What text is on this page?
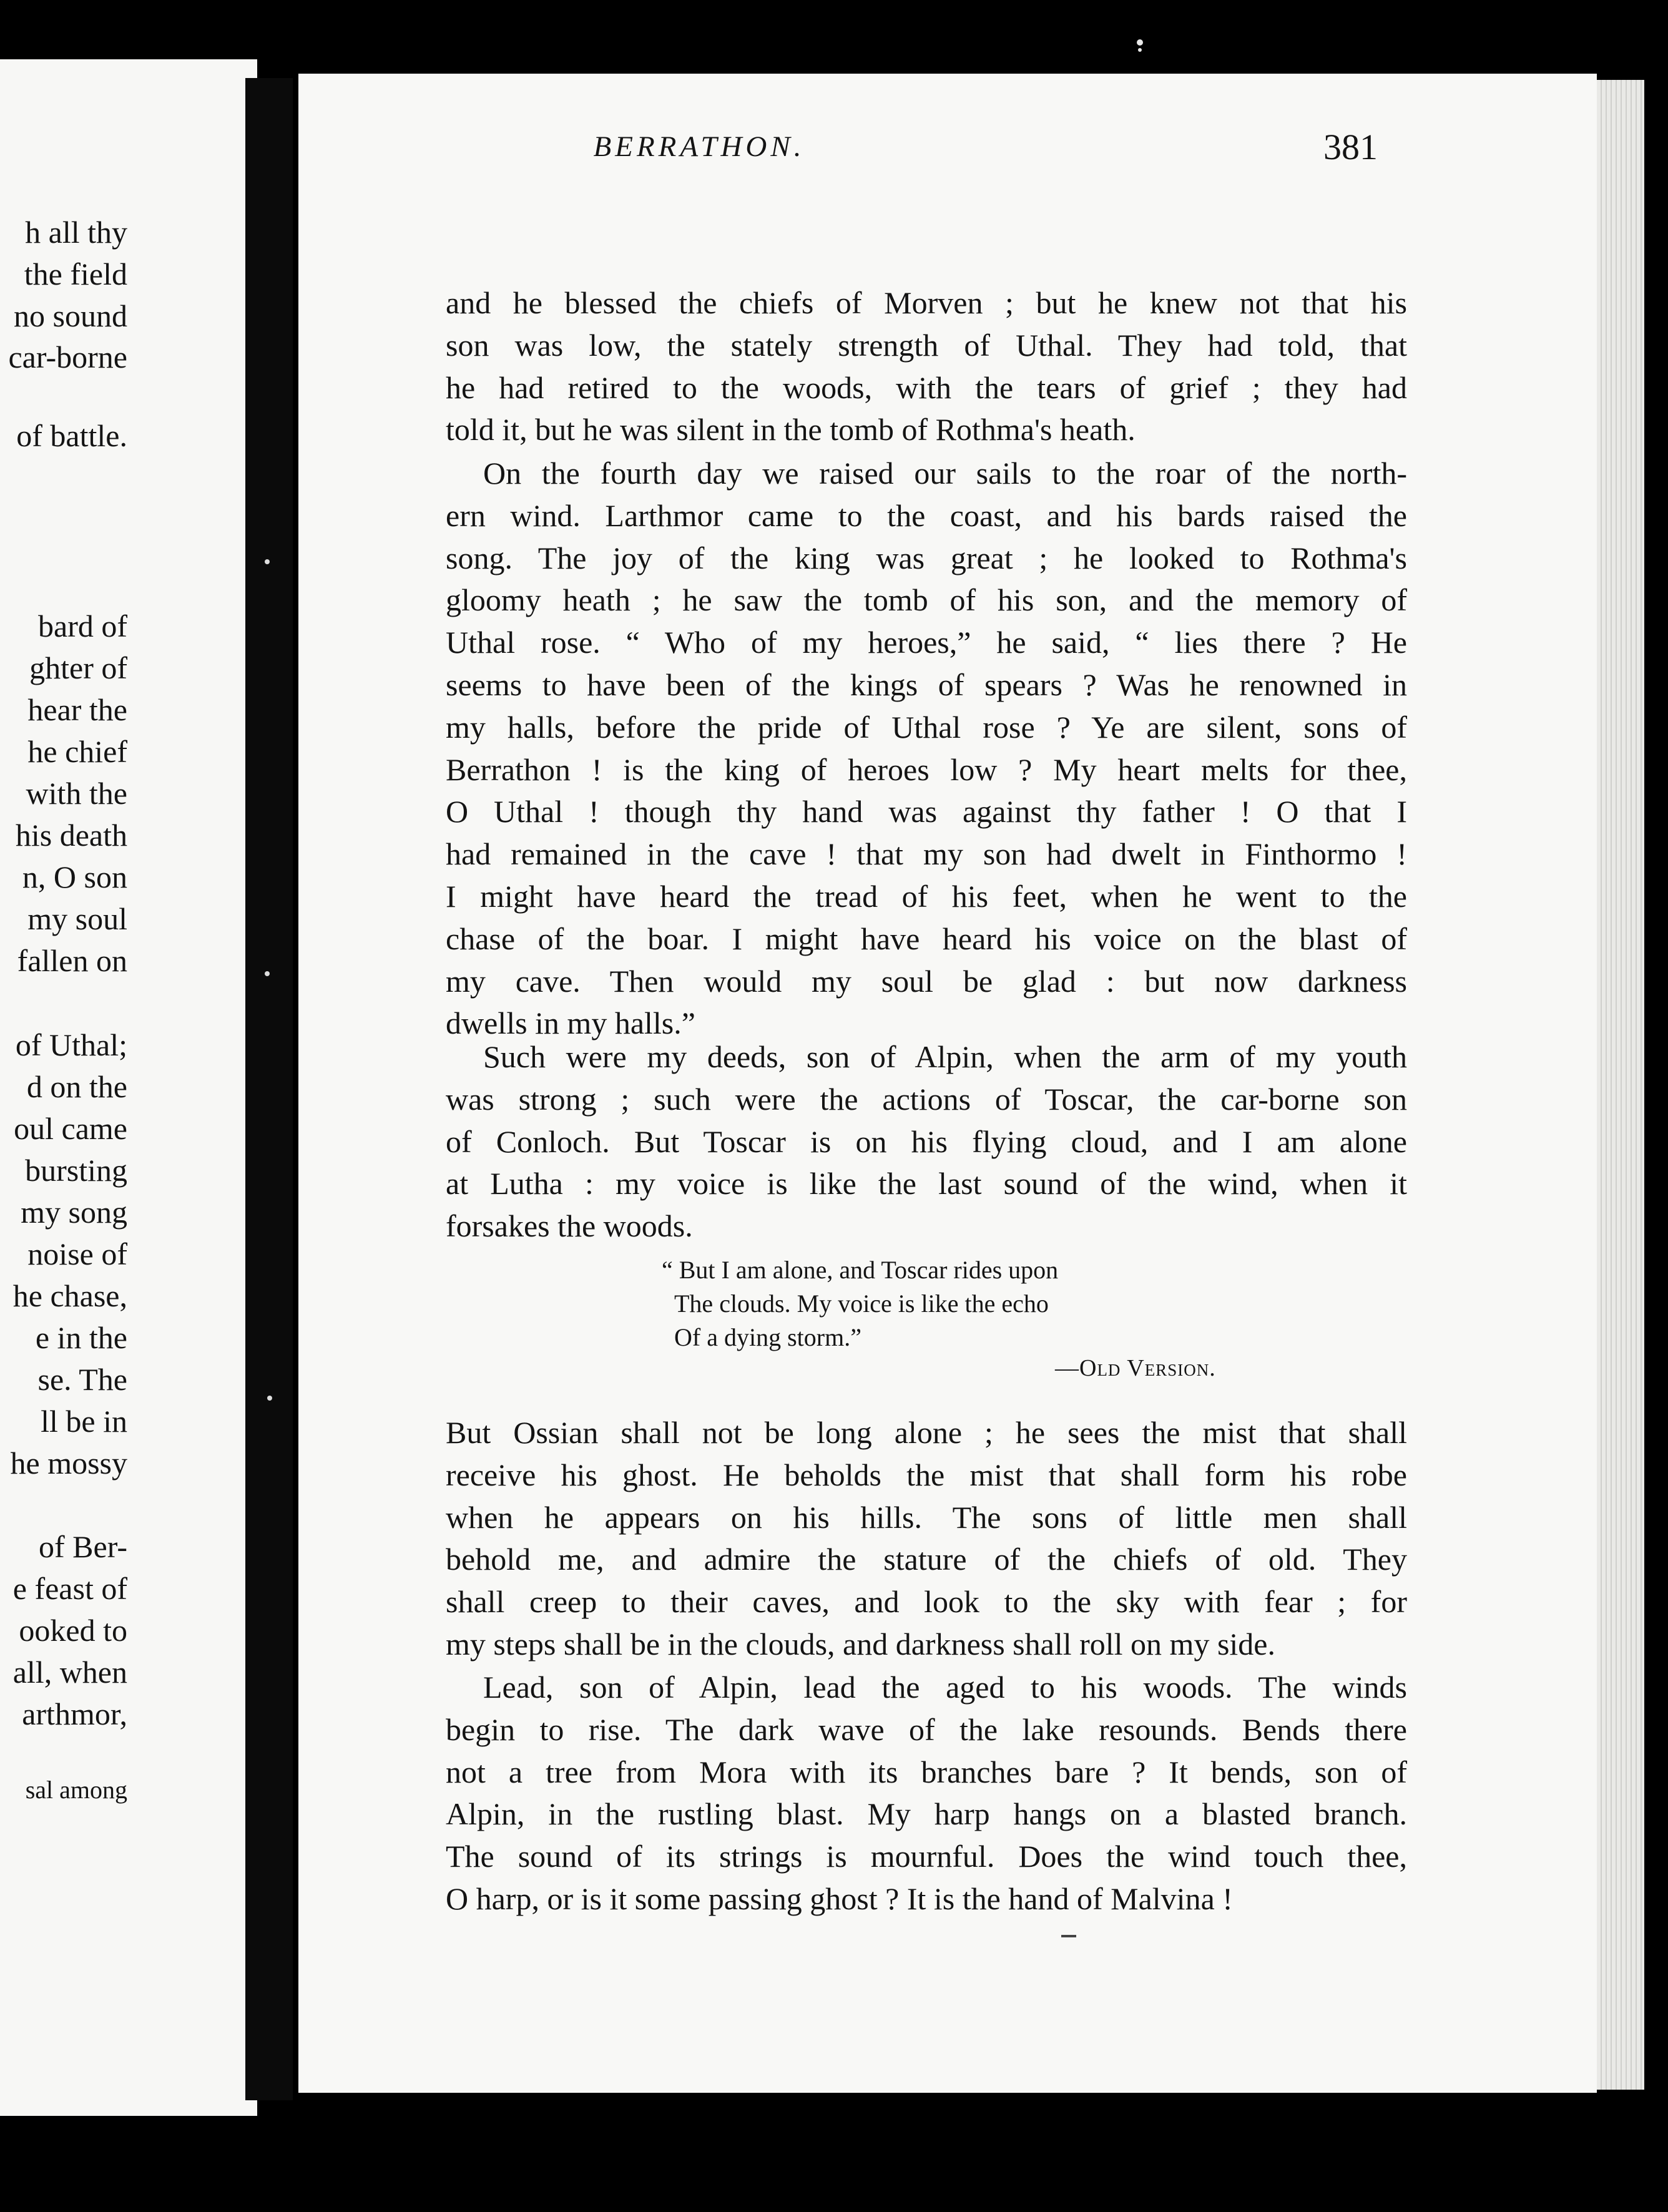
h all thy
the field
no sound
car-borne
of battle.
bard of
ghter of
hear the
he chief
with the
his death
n, O son
my soul
fallen on
of Uthal;
d on the
oul came
bursting
my song
noise of
he chase,
e in the
se. The
ll be in
he mossy
of Ber-
e feast of
ooked to
all, when
arthmor,
sal among
BERRATHON.	381
and he blessed the chiefs of Morven ; but he knew not that his
son was low, the stately strength of Uthal. They had told, that
he had retired to the woods, with the tears of grief ; they had
told it, but he was silent in the tomb of Rothma's heath.
On the fourth day we raised our sails to the roar of the north-
ern wind. Larthmor came to the coast, and his bards raised the
song. The joy of the king was great ; he looked to Rothma's
gloomy heath ; he saw the tomb of his son, and the memory of
Uthal rose. “ Who of my heroes,” he said, “ lies there ? He
seems to have been of the kings of spears ? Was he renowned in
my halls, before the pride of Uthal rose ? Ye are silent, sons of
Berrathon ! is the king of heroes low ? My heart melts for thee,
O Uthal ! though thy hand was against thy father ! O that I
had remained in the cave ! that my son had dwelt in Finthormo !
I might have heard the tread of his feet, when he went to the
chase of the boar. I might have heard his voice on the blast of
my cave. Then would my soul be glad : but now darkness
dwells in my halls.”
Such were my deeds, son of Alpin, when the arm of my youth
was strong ; such were the actions of Toscar, the car-borne son
of Conloch. But Toscar is on his flying cloud, and I am alone
at Lutha : my voice is like the last sound of the wind, when it
forsakes the woods.
But Ossian shall not be long alone ; he sees the mist that shall
receive his ghost. He beholds the mist that shall form his robe
when he appears on his hills. The sons of little men shall
behold me, and admire the stature of the chiefs of old. They
shall creep to their caves, and look to the sky with fear ; for
my steps shall be in the clouds, and darkness shall roll on my side.
Lead, son of Alpin, lead the aged to his woods. The winds
begin to rise. The dark wave of the lake resounds. Bends there
not a tree from Mora with its branches bare ? It bends, son of
Alpin, in the rustling blast. My harp hangs on a blasted branch.
The sound of its strings is mournful. Does the wind touch thee,
O harp, or is it some passing ghost ? It is the hand of Malvina !
“ But I am alone, and Toscar rides upon
The clouds. My voice is like the echo
Of a dying storm.”
—Old Version.
